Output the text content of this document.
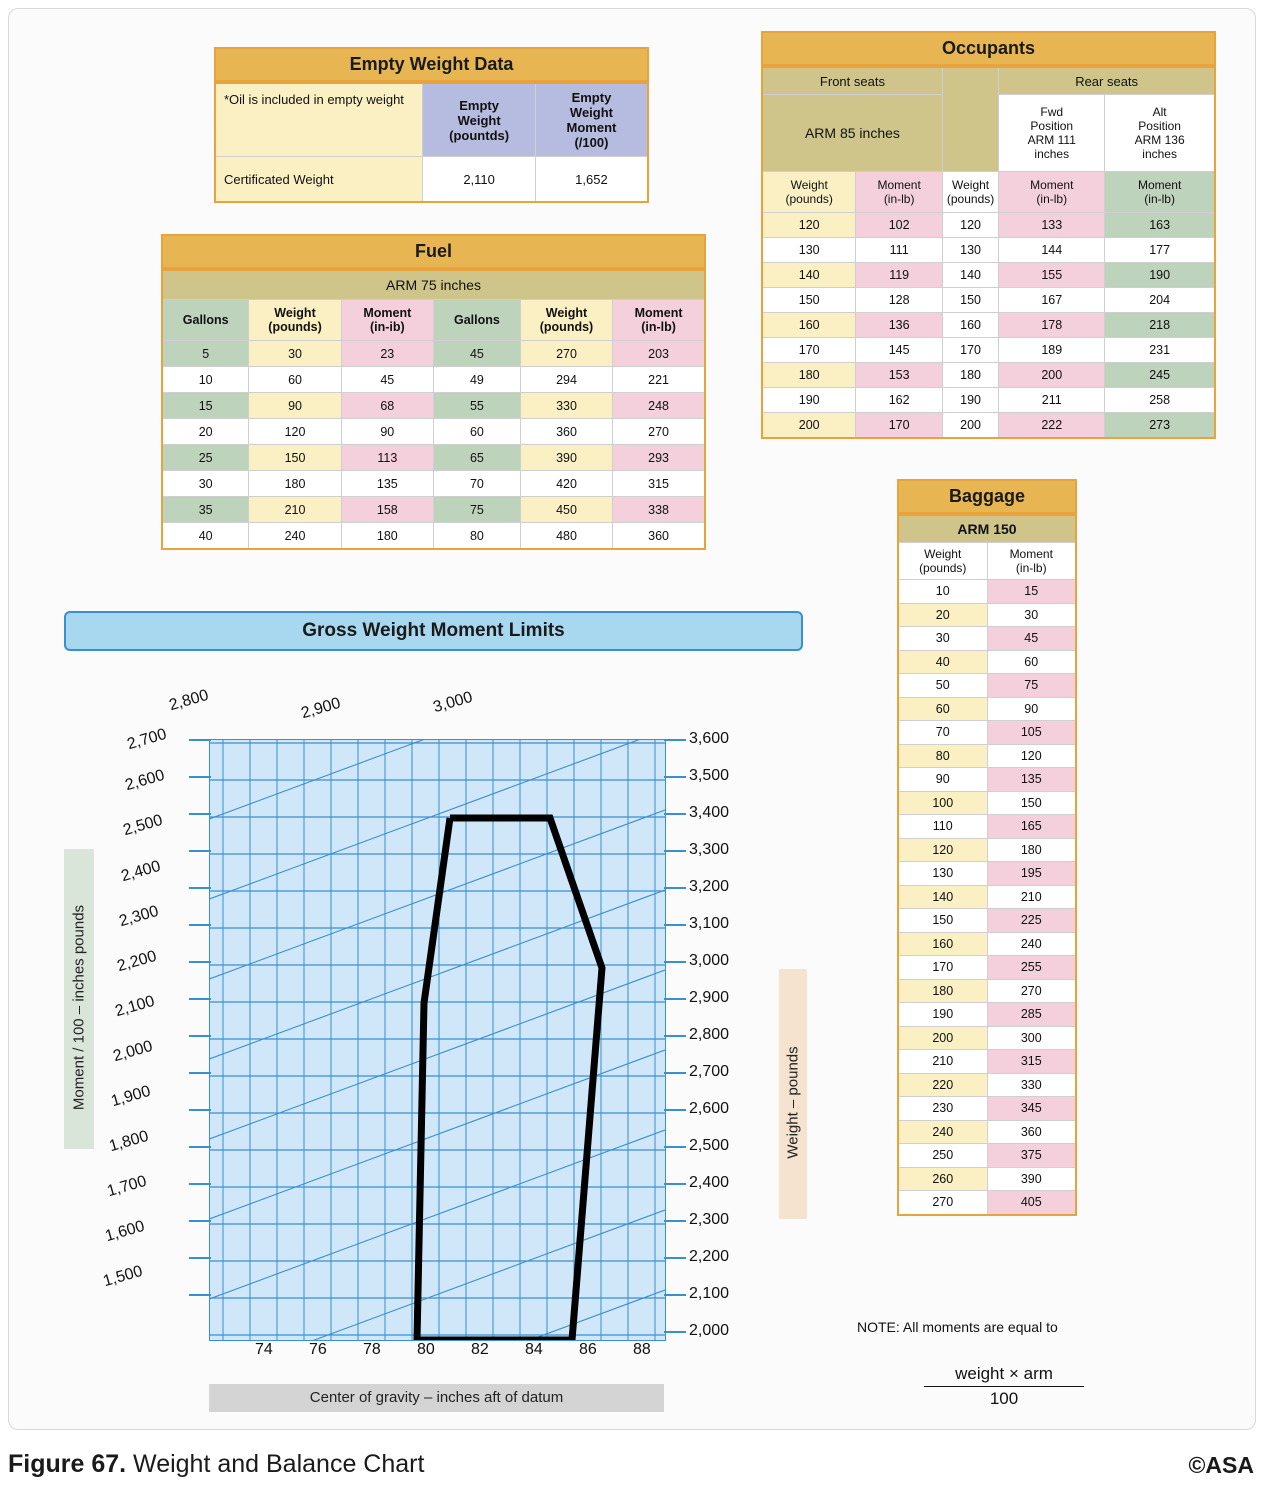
Empty Weight Data
*Oil is included in empty weight	Empty
Weight
(pountds)	Empty
Weight
Moment
(/100)
Certificated Weight	2,110	1,652
Fuel
ARM 75 inches					
Gallons	Weight
(pounds)	Moment
(in-ib)	Gallons	Weight
(pounds)	Moment
(in-lb)
5	30	23	45	270	203
10	60	45	49	294	221
15	90	68	55	330	248
20	120	90	60	360	270
25	150	113	65	390	293
30	180	135	70	420	315
35	210	158	75	450	338
40	240	180	80	480	360
Occupants
Front seats			Rear seats	
ARM 85 inches			Fwd
Position
ARM 111
inches	Alt
Position
ARM 136
inches
Weight
(pounds)	Moment
(in-lb)	Weight
(pounds)	Moment
(in-lb)	Moment
(in-lb)
120	102	120	133	163
130	111	130	144	177
140	119	140	155	190
150	128	150	167	204
160	136	160	178	218
170	145	170	189	231
180	153	180	200	245
190	162	190	211	258
200	170	200	222	273
Baggage
ARM 150	
Weight
(pounds)	Moment
(in-lb)
10	15
20	30
30	45
40	60
50	75
60	90
70	105
80	120
90	135
100	150
110	165
120	180
130	195
140	210
150	225
160	240
170	255
180	270
190	285
200	300
210	315
220	330
230	345
240	360
250	375
260	390
270	405
NOTE: All moments are equal to
weight × arm
100
Gross Weight Moment Limits
Moment / 100 – inches pounds	Weight – pounds
Center of gravity – inches aft of datum
2,800	2,900	3,000
2,700
2,600
2,500
2,400
2,300
2,200
2,100
2,000
1,900
1,800
1,700
1,600
1,500
3,600
3,500
3,400
3,300
3,200
3,100
3,000
2,900
2,800
2,700
2,600
2,500
2,400
2,300
2,200
2,100
2,000
74 76 78 80 82 84 86 88
Figure 67. Weight and Balance Chart	©ASA
